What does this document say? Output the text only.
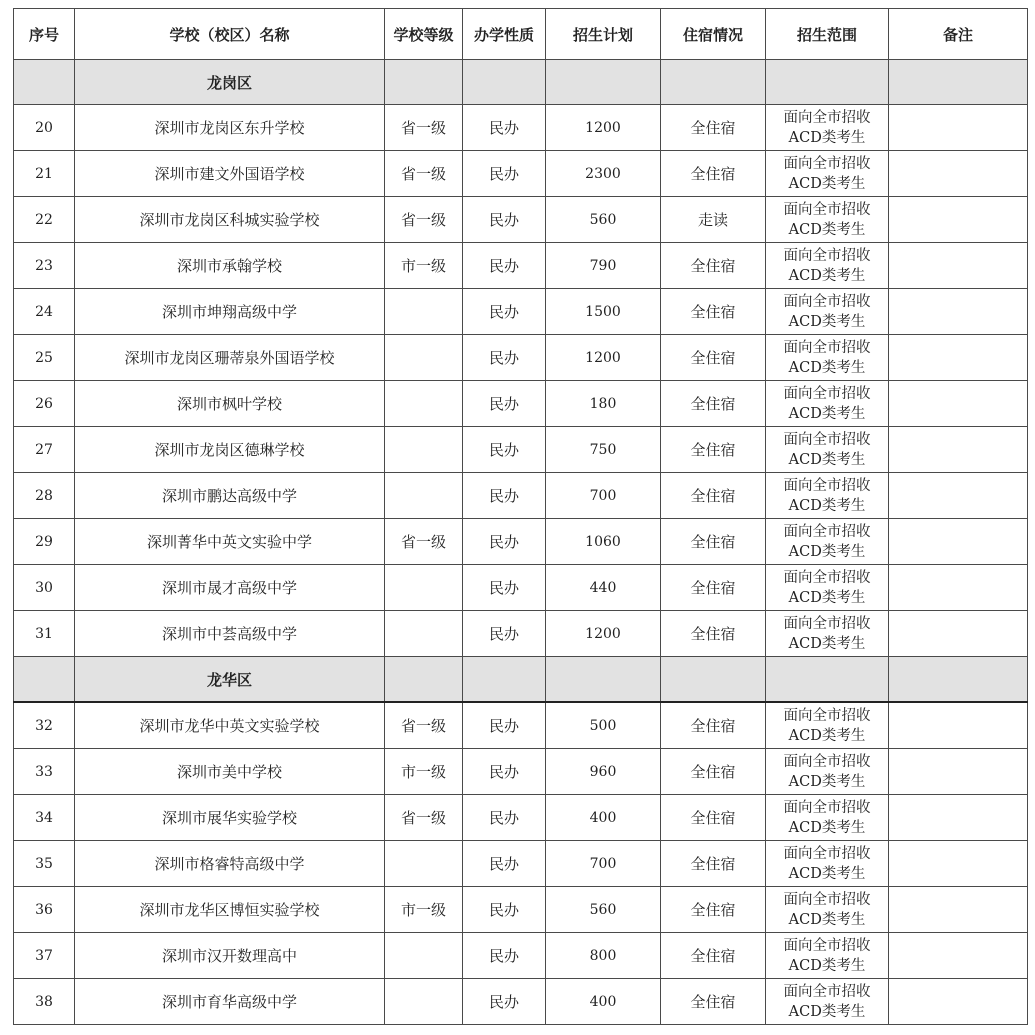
序号	学校（校区）名称	学校等级	办学性质	招生计划	住宿情况	招生范围	备注
	龙岗区						
20	深圳市龙岗区东升学校	省一级	民办	1200	全住宿	面向全市招收
ACD类考生	

21	深圳市建文外国语学校	省一级	民办	2300	全住宿	面向全市招收
ACD类考生	

22	深圳市龙岗区科城实验学校	省一级	民办	560	走读	面向全市招收
ACD类考生	

23	深圳市承翰学校	市一级	民办	790	全住宿	面向全市招收
ACD类考生	

24	深圳市坤翔高级中学		民办	1500	全住宿	面向全市招收
ACD类考生	

25	深圳市龙岗区珊蒂泉外国语学校		民办	1200	全住宿	面向全市招收
ACD类考生	

26	深圳市枫叶学校		民办	180	全住宿	面向全市招收
ACD类考生	

27	深圳市龙岗区德琳学校		民办	750	全住宿	面向全市招收
ACD类考生	

28	深圳市鹏达高级中学		民办	700	全住宿	面向全市招收
ACD类考生	

29	深圳菁华中英文实验中学	省一级	民办	1060	全住宿	面向全市招收
ACD类考生	

30	深圳市晟才高级中学		民办	440	全住宿	面向全市招收
ACD类考生	

31	深圳市中荟高级中学		民办	1200	全住宿	面向全市招收
ACD类考生	

	龙华区						
32	深圳市龙华中英文实验学校	省一级	民办	500	全住宿	面向全市招收
ACD类考生	

33	深圳市美中学校	市一级	民办	960	全住宿	面向全市招收
ACD类考生	

34	深圳市展华实验学校	省一级	民办	400	全住宿	面向全市招收
ACD类考生	

35	深圳市格睿特高级中学		民办	700	全住宿	面向全市招收
ACD类考生	

36	深圳市龙华区博恒实验学校	市一级	民办	560	全住宿	面向全市招收
ACD类考生	

37	深圳市汉开数理高中		民办	800	全住宿	面向全市招收
ACD类考生	

38	深圳市育华高级中学		民办	400	全住宿	面向全市招收
ACD类考生	
